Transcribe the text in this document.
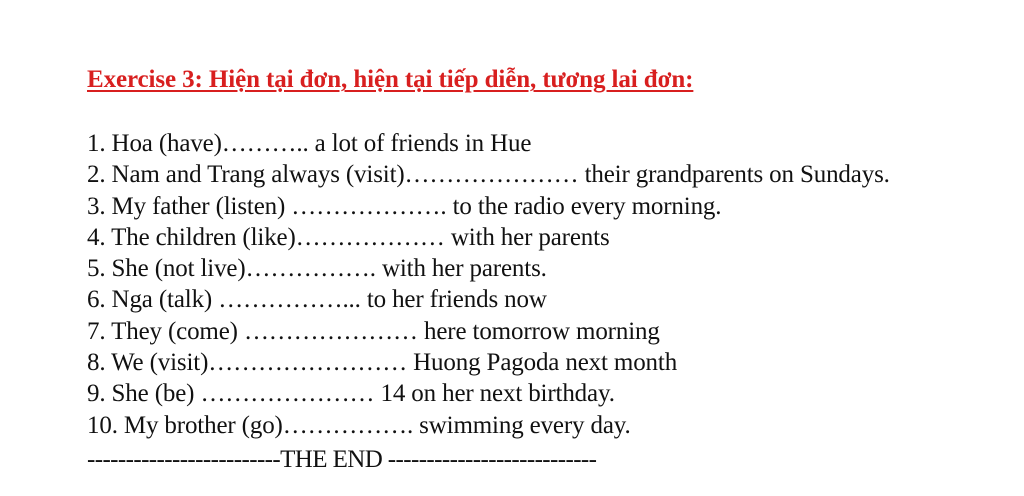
Exercise 3: Hiện tại đơn, hiện tại tiếp diễn, tương lai đơn:
1. Hoa (have)……….. a lot of friends in Hue
2. Nam and Trang always (visit)………………… their grandparents on Sundays.
3. My father (listen) ………………. to the radio every morning.
4. The children (like)……………… with her parents
5. She (not live)……………. with her parents.
6. Nga (talk) ……………... to her friends now
7. They (come) ………………… here tomorrow morning
8. We (visit)…………………… Huong Pagoda next month
9. She (be) ………………… 14 on her next birthday.
10. My brother (go)……………. swimming every day.
-------------------------THE END ---------------------------
